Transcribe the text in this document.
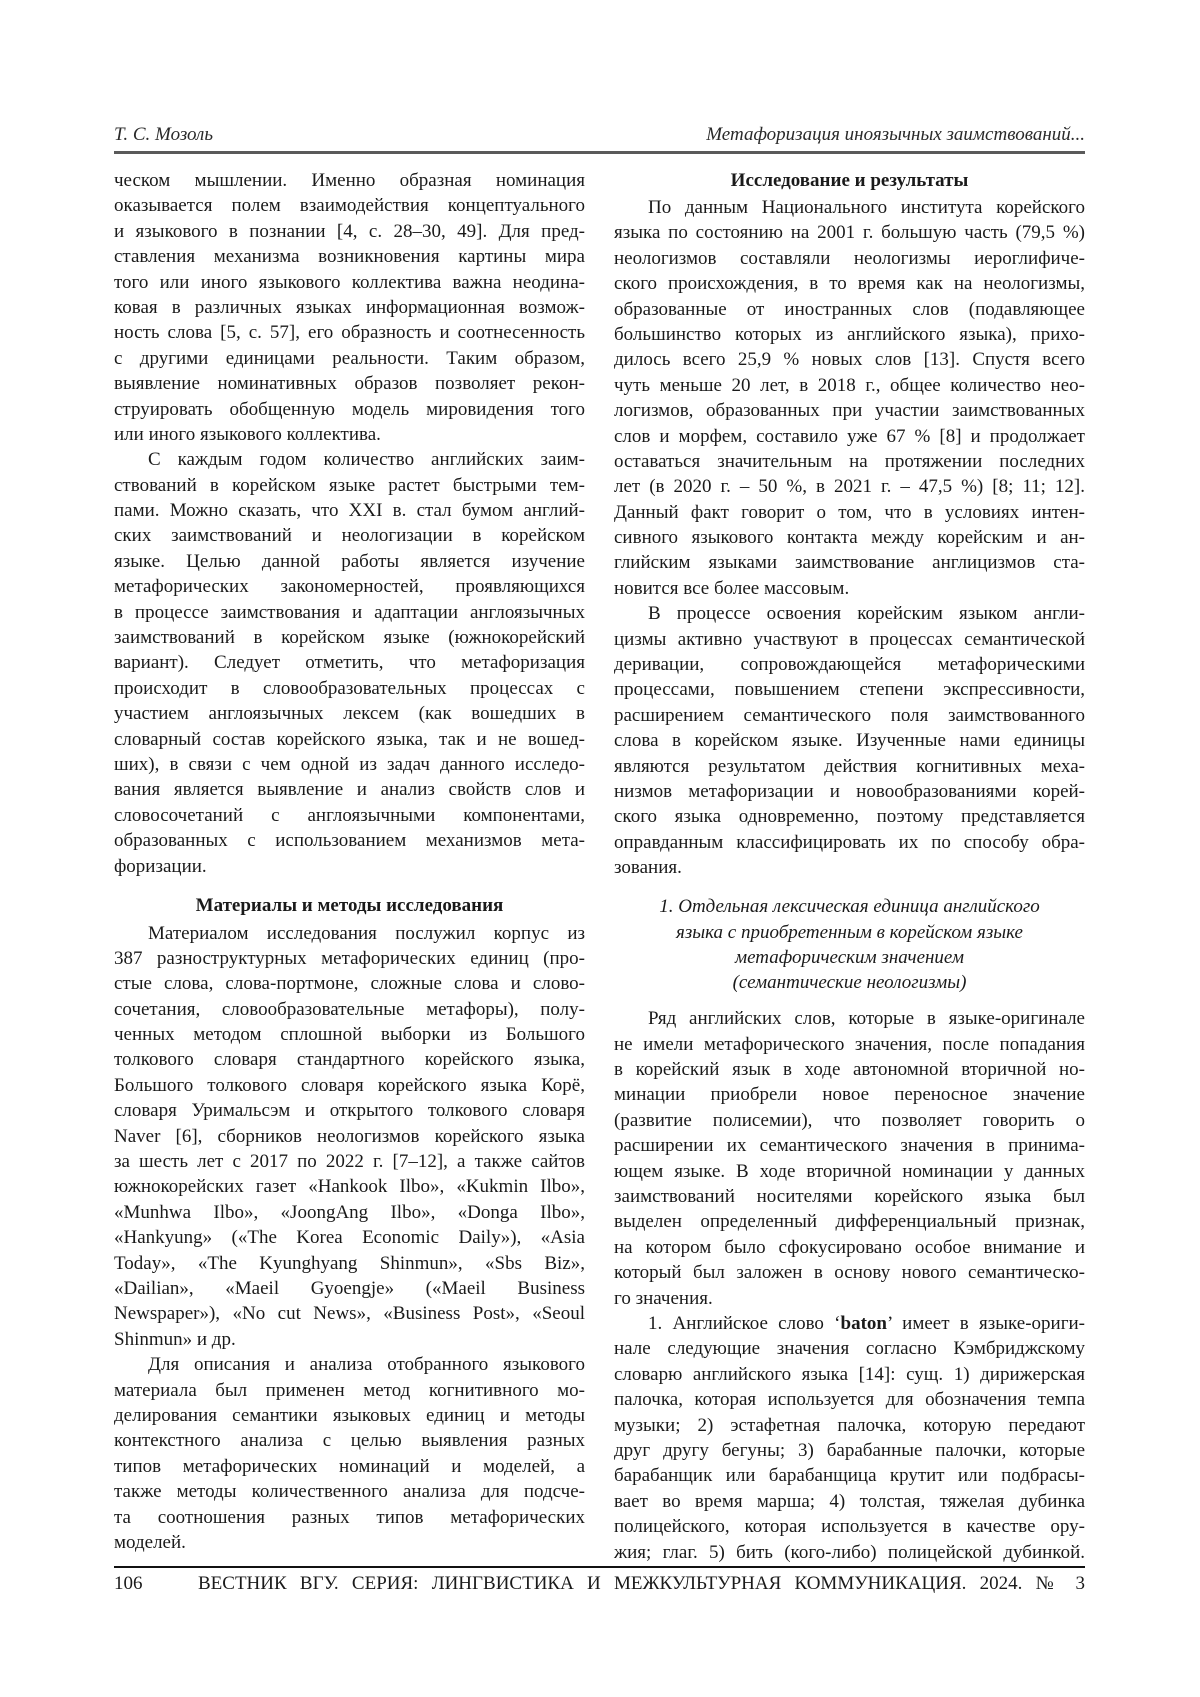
Т. С. Мозоль	Метафоризация иноязычных заимствований...
ческом мышлении. Именно образная номинация
оказывается полем взаимодействия концептуального
и языкового в познании [4, с. 28–30, 49]. Для пред-
ставления механизма возникновения картины мира
того или иного языкового коллектива важна неодина-
ковая в различных языках информационная возмож-
ность слова [5, с. 57], его образность и соотнесенность
с другими единицами реальности. Таким образом,
выявление номинативных образов позволяет рекон-
струировать обобщенную модель мировидения того
или иного языкового коллектива.
С каждым годом количество английских заим-
ствований в корейском языке растет быстрыми тем-
пами. Можно сказать, что XXI в. стал бумом англий-
ских заимствований и неологизации в корейском
языке. Целью данной работы является изучение
метафорических закономерностей, проявляющихся
в процессе заимствования и адаптации англоязычных
заимствований в корейском языке (южнокорейский
вариант). Следует отметить, что метафоризация
происходит в словообразовательных процессах с
участием англоязычных лексем (как вошедших в
словарный состав корейского языка, так и не вошед-
ших), в связи с чем одной из задач данного исследо-
вания является выявление и анализ свойств слов и
словосочетаний с англоязычными компонентами,
образованных с использованием механизмов мета-
форизации.
Материалы и методы исследования
Материалом исследования послужил корпус из
387 разноструктурных метафорических единиц (про-
стые слова, слова-портмоне, сложные слова и слово-
сочетания, словообразовательные метафоры), полу-
ченных методом сплошной выборки из Большого
толкового словаря стандартного корейского языка,
Большого толкового словаря корейского языка Корё,
словаря Уримальсэм и открытого толкового словаря
Naver [6], сборников неологизмов корейского языка
за шесть лет с 2017 по 2022 г. [7–12], а также сайтов
южнокорейских газет «Hankook Ilbo», «Kukmin Ilbo»,
«Munhwa Ilbo», «JoongAng Ilbo», «Donga Ilbo»,
«Hankyung» («The Korea Economic Daily»), «Asia
Today», «The Kyunghyang Shinmun», «Sbs Biz»,
«Dailian», «Maeil Gyoengje» («Maeil Business
Newspaper»), «No cut News», «Business Post», «Seoul
Shinmun» и др.
Для описания и анализа отобранного языкового
материала был применен метод когнитивного мо-
делирования семантики языковых единиц и методы
контекстного анализа с целью выявления разных
типов метафорических номинаций и моделей, а
также методы количественного анализа для подсче-
та соотношения разных типов метафорических
моделей.
Исследование и результаты
По данным Национального института корейского
языка по состоянию на 2001 г. большую часть (79,5 %)
неологизмов составляли неологизмы иероглифиче-
ского происхождения, в то время как на неологизмы,
образованные от иностранных слов (подавляющее
большинство которых из английского языка), прихо-
дилось всего 25,9 % новых слов [13]. Спустя всего
чуть меньше 20 лет, в 2018 г., общее количество нео-
логизмов, образованных при участии заимствованных
слов и морфем, составило уже 67 % [8] и продолжает
оставаться значительным на протяжении последних
лет (в 2020 г. – 50 %, в 2021 г. – 47,5 %) [8; 11; 12].
Данный факт говорит о том, что в условиях интен-
сивного языкового контакта между корейским и ан-
глийским языками заимствование англицизмов ста-
новится все более массовым.
В процессе освоения корейским языком англи-
цизмы активно участвуют в процессах семантической
деривации, сопровождающейся метафорическими
процессами, повышением степени экспрессивности,
расширением семантического поля заимствованного
слова в корейском языке. Изученные нами единицы
являются результатом действия когнитивных меха-
низмов метафоризации и новообразованиями корей-
ского языка одновременно, поэтому представляется
оправданным классифицировать их по способу обра-
зования.
1. Отдельная лексическая единица английского
языка с приобретенным в корейском языке
метафорическим значением
(семантические неологизмы)
Ряд английских слов, которые в языке-оригинале
не имели метафорического значения, после попадания
в корейский язык в ходе автономной вторичной но-
минации приобрели новое переносное значение
(развитие полисемии), что позволяет говорить о
расширении их семантического значения в принима-
ющем языке. В ходе вторичной номинации у данных
заимствований носителями корейского языка был
выделен определенный дифференциальный признак,
на котором было сфокусировано особое внимание и
который был заложен в основу нового семантическо-
го значения.
1. Английское слово ‘baton’ имеет в языке-ориги-
нале следующие значения согласно Кэмбриджскому
словарю английского языка [14]: сущ. 1) дирижерская
палочка, которая используется для обозначения темпа
музыки; 2) эстафетная палочка, которую передают
друг другу бегуны; 3) барабанные палочки, которые
барабанщик или барабанщица крутит или подбрасы-
вает во время марша; 4) толстая, тяжелая дубинка
полицейского, которая используется в качестве ору-
жия; глаг. 5) бить (кого-либо) полицейской дубинкой.
106	ВЕСТНИК ВГУ. СЕРИЯ: ЛИНГВИСТИКА И МЕЖКУЛЬТУРНАЯ КОММУНИКАЦИЯ. 2024. № 3
